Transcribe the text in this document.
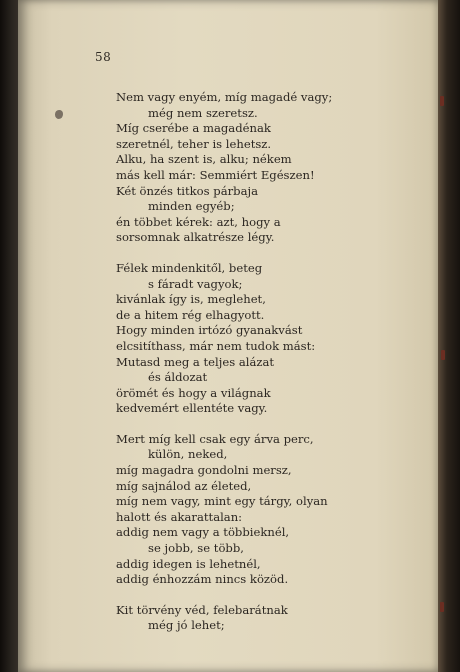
58
Nem vagy enyém, míg magadé vagy;
még nem szeretsz.
Míg cserébe a magadénak
szeretnél, teher is lehetsz.
Alku, ha szent is, alku; nékem
más kell már: Semmiért Egészen!
Két önzés titkos párbaja
minden egyéb;
én többet kérek: azt, hogy a
sorsomnak alkatrésze légy.
Félek mindenkitől, beteg
s fáradt vagyok;
kivánlak így is, meglehet,
de a hitem rég elhagyott.
Hogy minden irtózó gyanakvást
elcsitíthass, már nem tudok mást:
Mutasd meg a teljes alázat
és áldozat
örömét és hogy a világnak
kedvemért ellentéte vagy.
Mert míg kell csak egy árva perc,
külön, neked,
míg magadra gondolni mersz,
míg sajnálod az életed,
míg nem vagy, mint egy tárgy, olyan
halott és akarattalan:
addig nem vagy a többieknél,
se jobb, se több,
addig idegen is lehetnél,
addig énhozzám nincs közöd.
Kit törvény véd, felebarátnak
még jó lehet;
